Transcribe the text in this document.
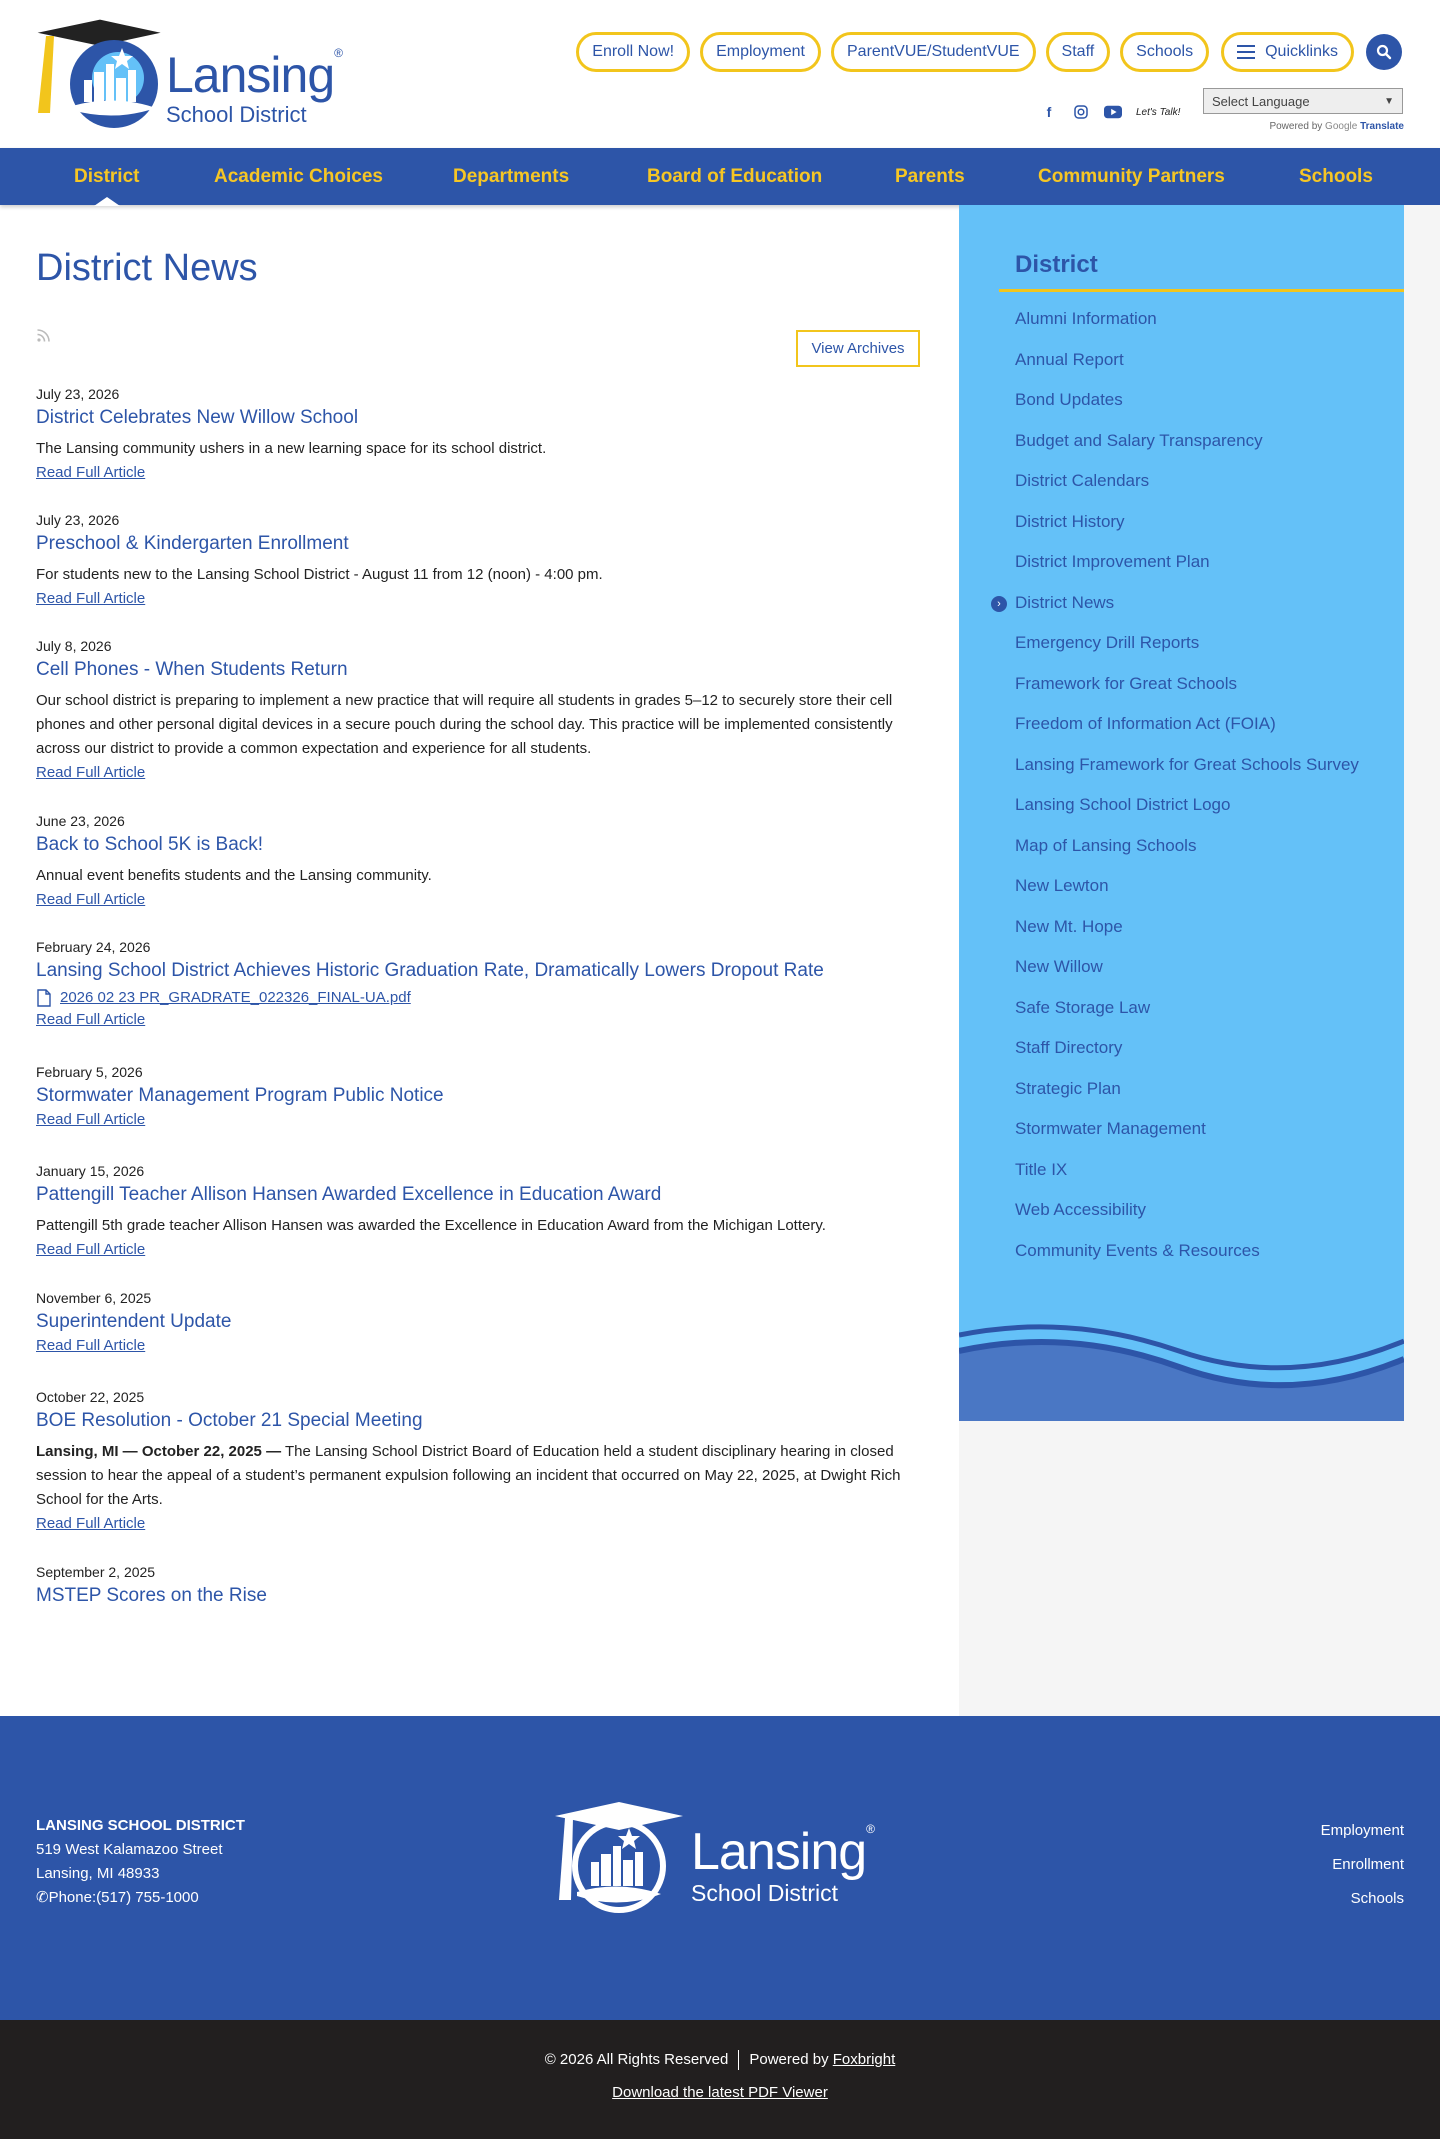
Lansing®
School District
Enroll Now!	Employment	ParentVUE/StudentVUE	Staff	Schools	Quicklinks
f	Let's Talk!
Select Language	▼
Powered by Google Translate
District	Academic Choices	Departments	Board of Education	Parents	Community Partners	Schools
District
Alumni Information
Annual Report
Bond Updates
Budget and Salary Transparency
District Calendars
District History
District Improvement Plan
› District News
Emergency Drill Reports
Framework for Great Schools
Freedom of Information Act (FOIA)
Lansing Framework for Great Schools Survey
Lansing School District Logo
Map of Lansing Schools
New Lewton
New Mt. Hope
New Willow
Safe Storage Law
Staff Directory
Strategic Plan
Stormwater Management
Title IX
Web Accessibility
Community Events & Resources
District News
View Archives
July 23, 2026
District Celebrates New Willow School
The Lansing community ushers in a new learning space for its school district.
Read Full Article
July 23, 2026
Preschool & Kindergarten Enrollment
For students new to the Lansing School District - August 11 from 12 (noon) - 4:00 pm.
Read Full Article
July 8, 2026
Cell Phones - When Students Return
Our school district is preparing to implement a new practice that will require all students in grades 5–12 to securely store their cell phones and other personal digital devices in a secure pouch during the school day. This practice will be implemented consistently across our district to provide a common expectation and experience for all students.
Read Full Article
June 23, 2026
Back to School 5K is Back!
Annual event benefits students and the Lansing community.
Read Full Article
February 24, 2026
Lansing School District Achieves Historic Graduation Rate, Dramatically Lowers Dropout Rate
2026 02 23 PR_GRADRATE_022326_FINAL-UA.pdf
Read Full Article
February 5, 2026
Stormwater Management Program Public Notice
Read Full Article
January 15, 2026
Pattengill Teacher Allison Hansen Awarded Excellence in Education Award
Pattengill 5th grade teacher Allison Hansen was awarded the Excellence in Education Award from the Michigan Lottery.
Read Full Article
November 6, 2025
Superintendent Update
Read Full Article
October 22, 2025
BOE Resolution - October 21 Special Meeting
Lansing, MI — October 22, 2025 — The Lansing School District Board of Education held a student disciplinary hearing in closed session to hear the appeal of a student’s permanent expulsion following an incident that occurred on May 22, 2025, at Dwight Rich School for the Arts.
Read Full Article
September 2, 2025
MSTEP Scores on the Rise
LANSING SCHOOL DISTRICT
519 West Kalamazoo Street
Lansing, MI 48933
✆Phone:(517) 755-1000
Lansing®
School District
Employment
Enrollment
Schools
© 2026 All Rights Reserved Powered by Foxbright
Download the latest PDF Viewer
